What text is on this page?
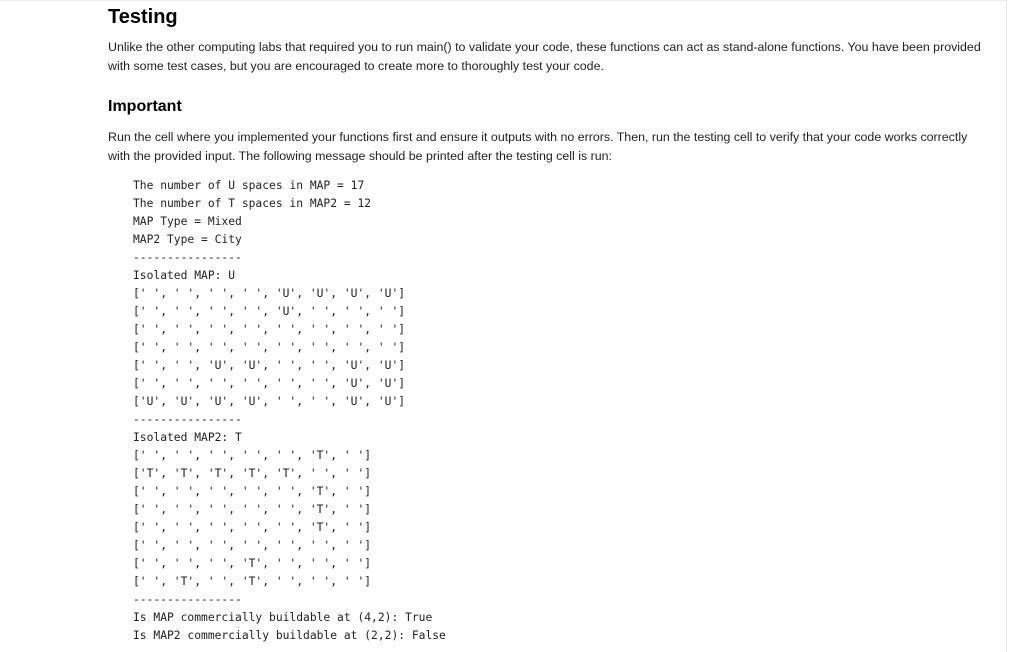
Testing

Unlike the other computing labs that required you to run main() to validate your code, these functions can act as stand-alone functions. You have been provided with some test cases, but you are encouraged to create more to thoroughly test your code.

Important

Run the cell where you implemented your functions first and ensure it outputs with no errors. Then, run the testing cell to verify that your code works correctly with the provided input. The following message should be printed after the testing cell is run:

The number of U spaces in MAP = 17
The number of T spaces in MAP2 = 12
MAP Type = Mixed
MAP2 Type = City
----------------
Isolated MAP: U
[' ', ' ', ' ', ' ', 'U', 'U', 'U', 'U']
[' ', ' ', ' ', ' ', 'U', ' ', ' ', ' ']
[' ', ' ', ' ', ' ', ' ', ' ', ' ', ' ']
[' ', ' ', ' ', ' ', ' ', ' ', ' ', ' ']
[' ', ' ', 'U', 'U', ' ', ' ', 'U', 'U']
[' ', ' ', ' ', ' ', ' ', ' ', 'U', 'U']
['U', 'U', 'U', 'U', ' ', ' ', 'U', 'U']
----------------
Isolated MAP2: T
[' ', ' ', ' ', ' ', ' ', 'T', ' ']
['T', 'T', 'T', 'T', 'T', ' ', ' ']
[' ', ' ', ' ', ' ', ' ', 'T', ' ']
[' ', ' ', ' ', ' ', ' ', 'T', ' ']
[' ', ' ', ' ', ' ', ' ', 'T', ' ']
[' ', ' ', ' ', ' ', ' ', ' ', ' ']
[' ', ' ', ' ', 'T', ' ', ' ', ' ']
[' ', 'T', ' ', 'T', ' ', ' ', ' ']
----------------
Is MAP commercially buildable at (4,2): True
Is MAP2 commercially buildable at (2,2): False
